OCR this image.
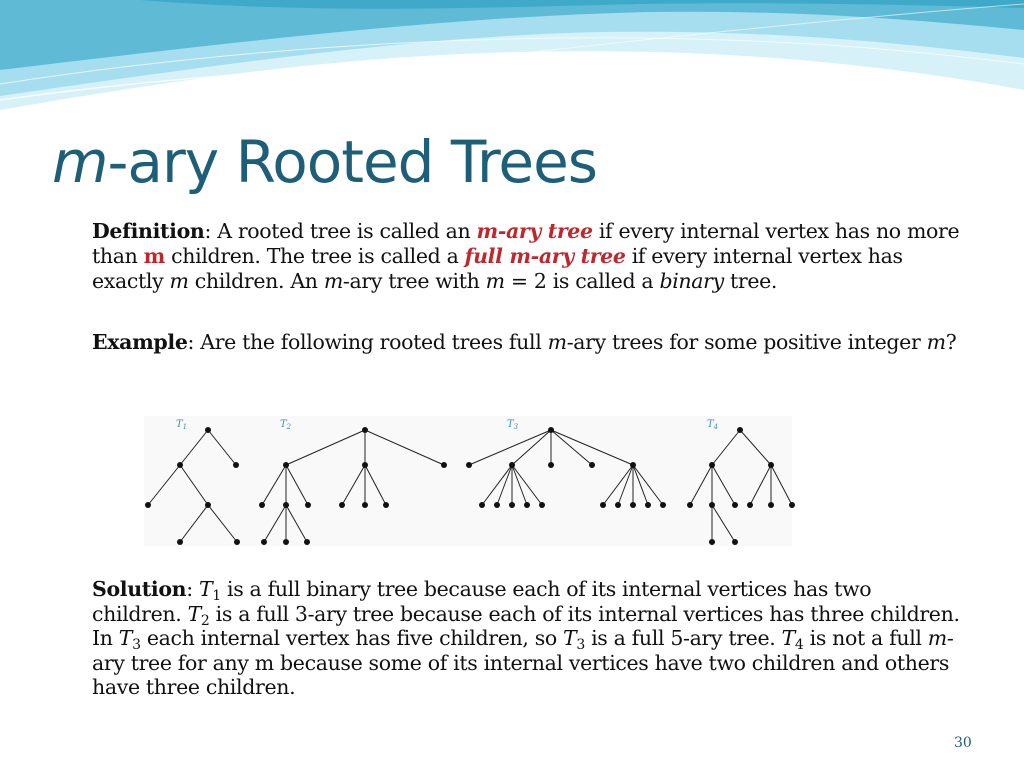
m-ary Rooted Trees

Definition: A rooted tree is called an m-ary tree if every internal vertex has no more than m children. The tree is called a full m-ary tree if every internal vertex has exactly m children. An m-ary tree with m = 2 is called a binary tree.

Example: Are the following rooted trees full m-ary trees for some positive integer m?

$T_1$	$T_2$	$T_3$	$T_4$

Solution: $T_1$ is a full binary tree because each of its internal vertices has two children. $T_2$ is a full 3-ary tree because each of its internal vertices has three children. In $T_3$ each internal vertex has five children, so $T_3$ is a full 5-ary tree. $T_4$ is not a full m-ary tree for any m because some of its internal vertices have two children and others have three children.

30
